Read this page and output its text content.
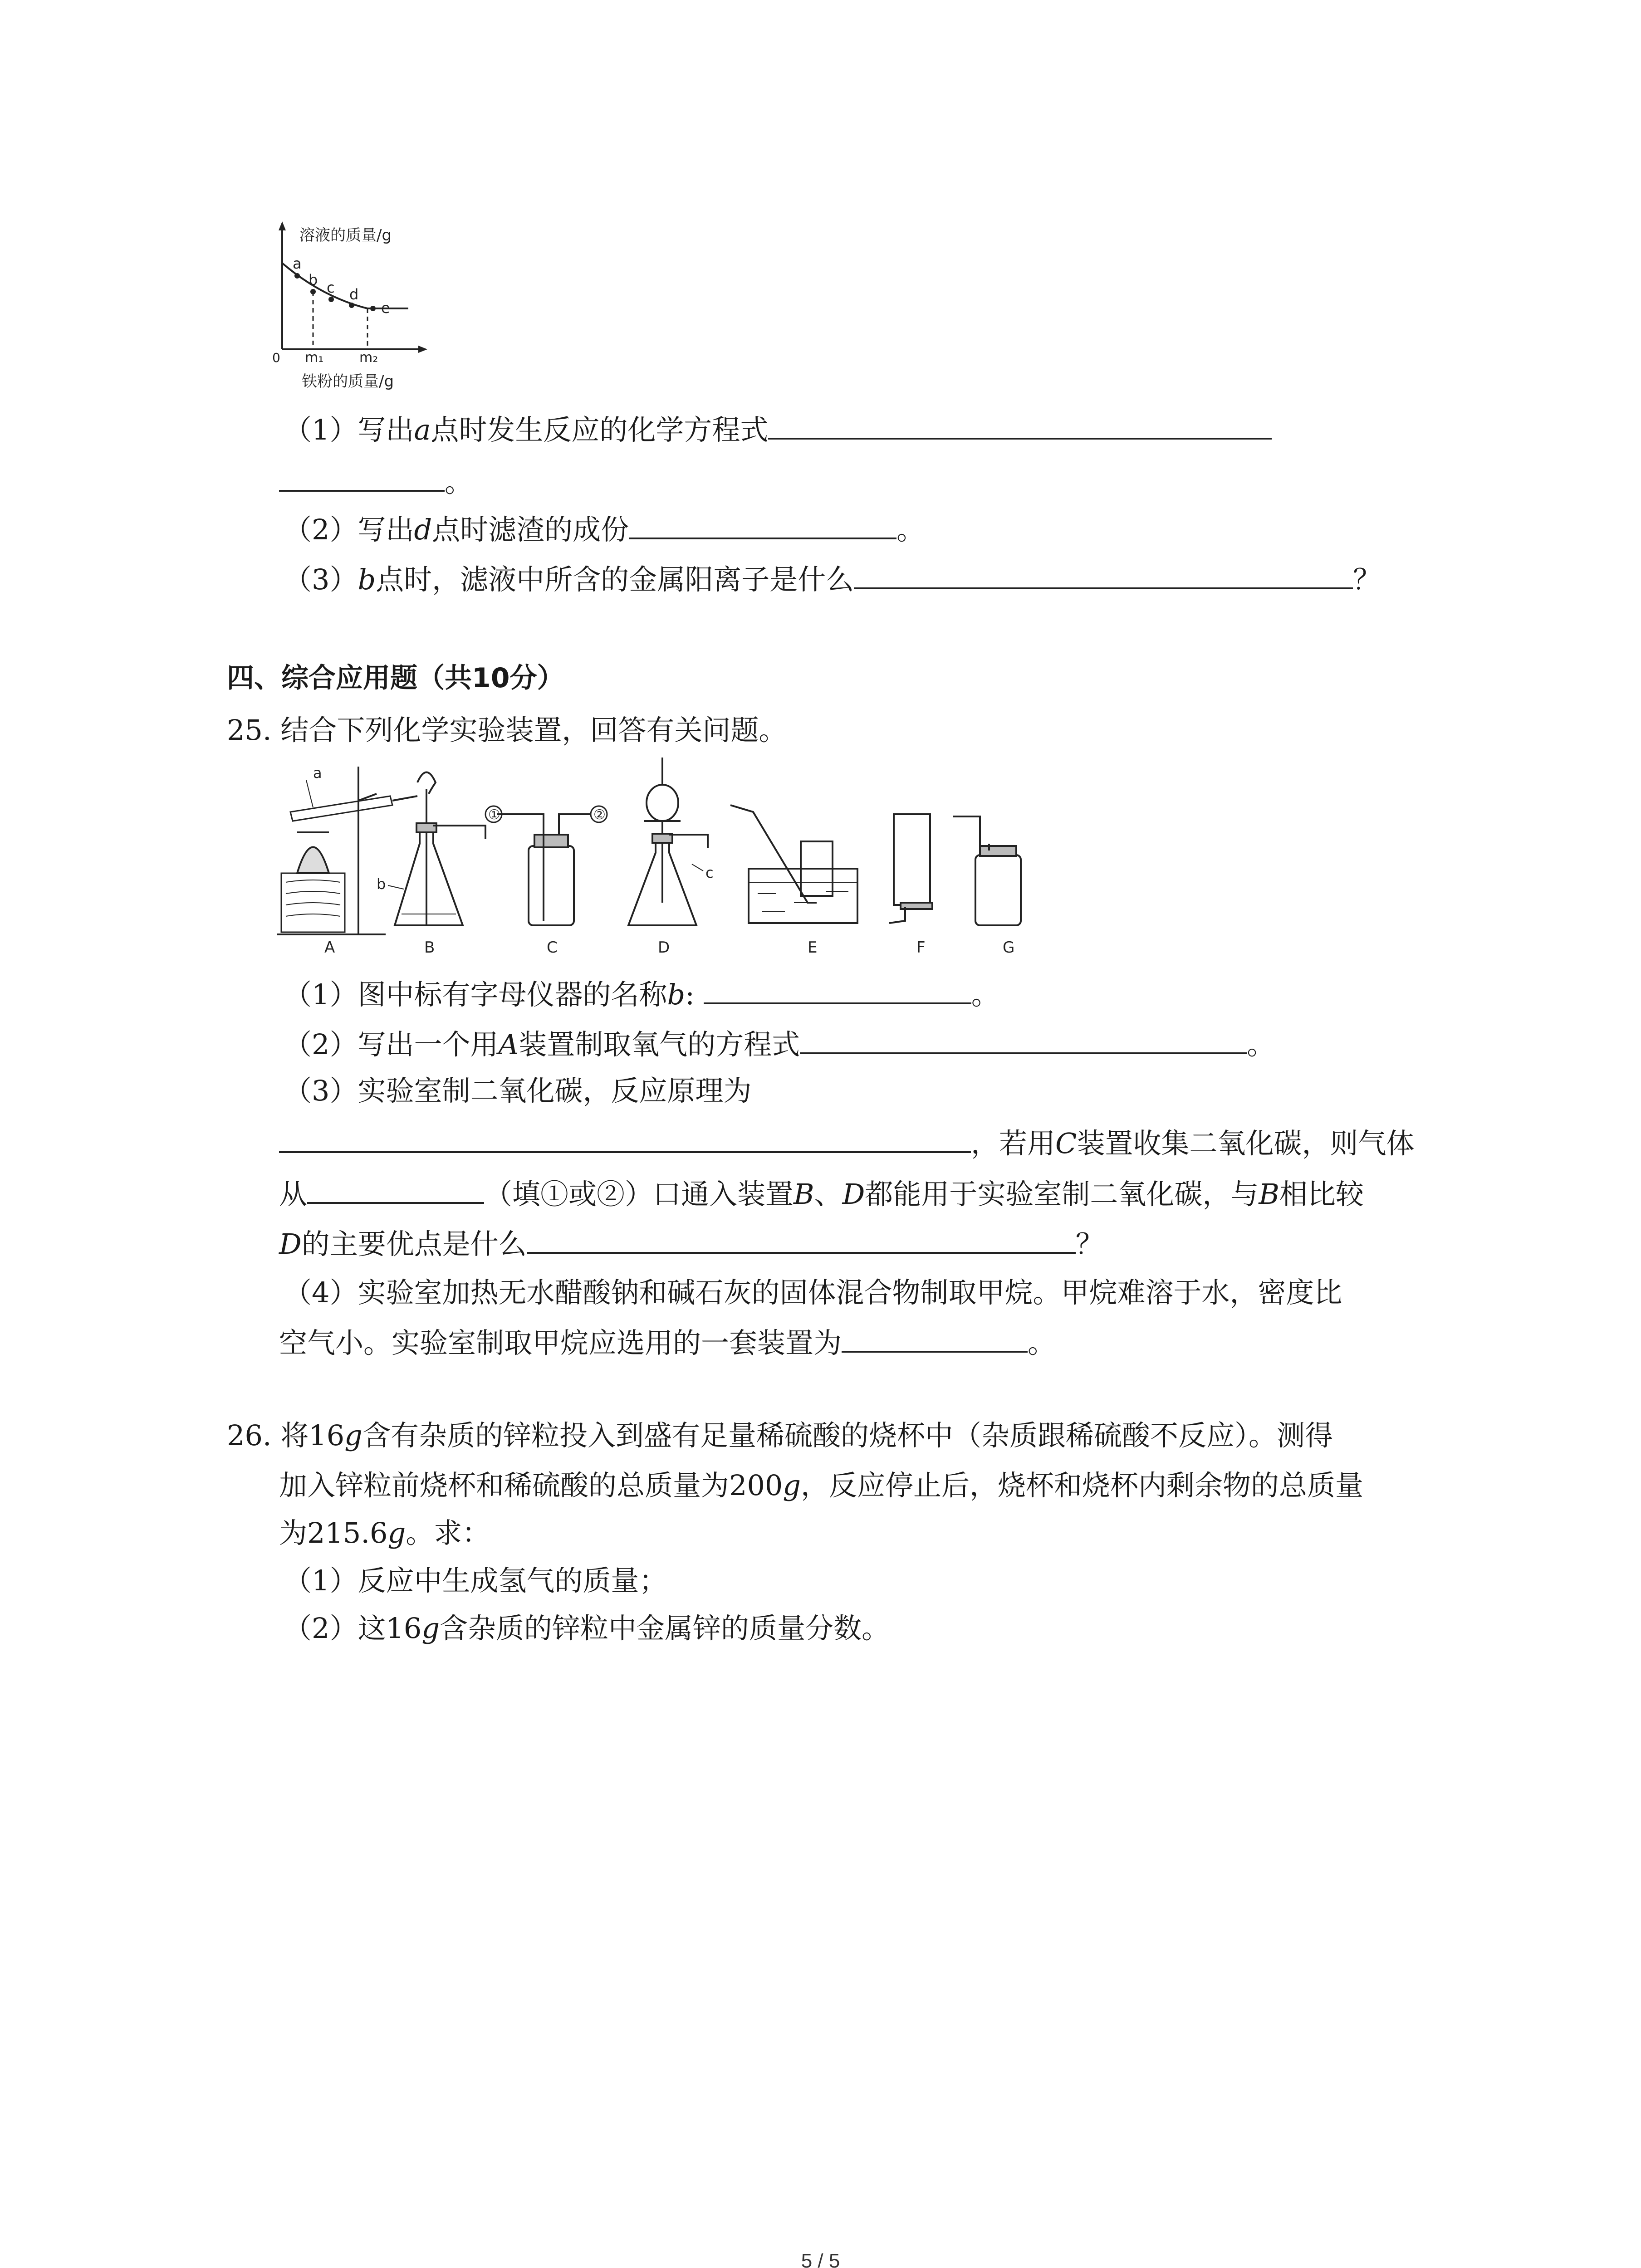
溶液的质量/g
a
b c d
e
0 m₁	m₂
铁粉的质量/g
（1）写出a点时发生反应的化学方程式
。
（2）写出d点时滤渣的成份	。
（3）b点时，滤液中所含的金属阳离子是什么	？
四、综合应用题（共10分）
25. 结合下列化学实验装置，回答有关问题。
a
b
①	②
c
A	B	C	D	E	F	G
（1）图中标有字母仪器的名称b:	。
（2）写出一个用A装置制取氧气的方程式	。
（3）实验室制二氧化碳，反应原理为
，若用C装置收集二氧化碳，则气体
从	（填①或②）口通入装置B、D都能用于实验室制二氧化碳，与B相比较
D的主要优点是什么	？
（4）实验室加热无水醋酸钠和碱石灰的固体混合物制取甲烷。甲烷难溶于水，密度比
空气小。实验室制取甲烷应选用的一套装置为	。
26. 将16g含有杂质的锌粒投入到盛有足量稀硫酸的烧杯中（杂质跟稀硫酸不反应）。测得
加入锌粒前烧杯和稀硫酸的总质量为200g，反应停止后，烧杯和烧杯内剩余物的总质量
为215.6g。求：
（1）反应中生成氢气的质量；
（2）这16g含杂质的锌粒中金属锌的质量分数。
5 / 5
